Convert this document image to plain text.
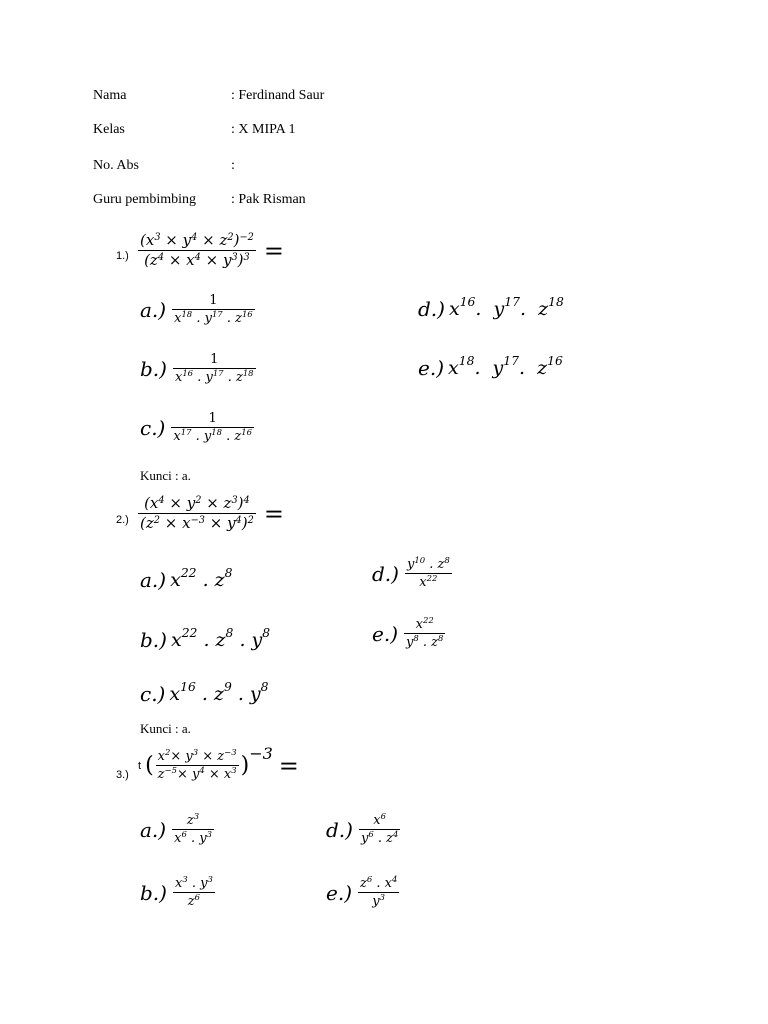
Nama	: Ferdinand Saur
Kelas	: X MIPA 1
No. Abs	:
Guru pembimbing : Pak Risman
$1.) \frac{(x^3 \times y^4 \times z^2)^{-2}}{(z^4 \times x^4 \times y^3)^3}$ =
$a.) \frac{1}{x^{18} . y^{17} . z^{16}}$
$b.) \frac{1}{x^{16} . y^{17} . z^{18}}$
$c.) \frac{1}{x^{17} . y^{18} . z^{16}}$
d.) $x^{16}$ .  $y^{17}$ .  $z^{18}$
e.) $x^{18}$ .  $y^{17}$ .  $z^{16}$
Kunci : a.
$2.) \frac{(x^4 \times y^2 \times z^3)^4}{(z^2 \times x^{-3} \times y^4)^2}$ =
a.) $x^{22}$ . $z^8$
b.) $x^{22}$ . $z^8$ . $y^8$
c.) $x^{16}$ . $z^9$ . $y^8$
$d.) \frac{y^{10} . z^8}{x^{22}}$
$e.) \frac{x^{22}}{y^8 . z^8}$
Kunci : a.
3.)
t ( $\frac{x^2\times y^3 \times z^{-3}}{z^{-5}\times y^4 \times x^3}$ ) −3 =
$a.) \frac{z^3}{x^6 . y^3}$
$b.) \frac{x^3 . y^3}{z^6}$
$d.) \frac{x^6}{y^6 . z^4}$
$e.) \frac{z^6 . x^4}{y^3}$
